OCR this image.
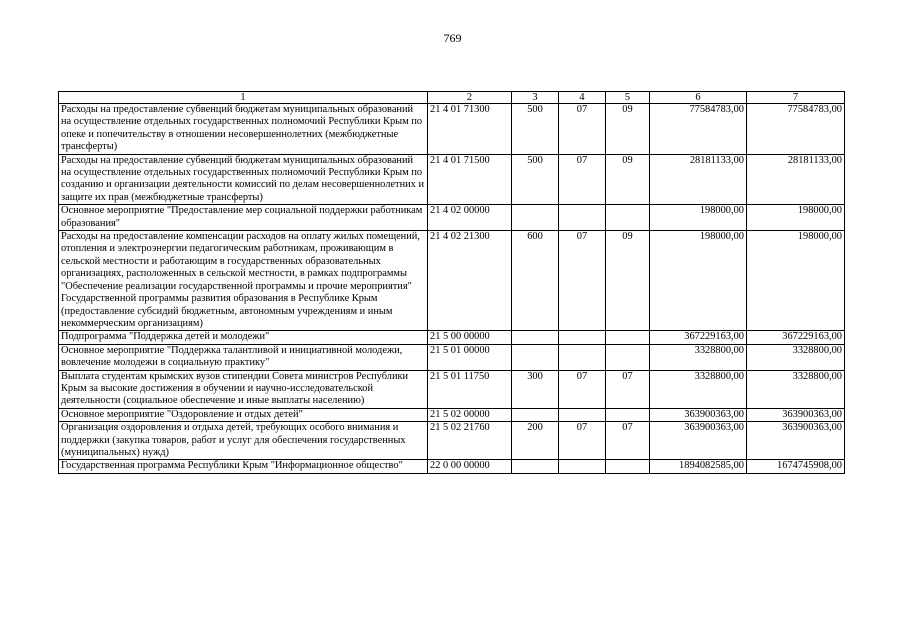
769
1	2	3	4	5	6	7
Расходы на предоставление субвенций бюджетам муниципальных образований на осуществление отдельных государственных полномочий Республики Крым по опеке и попечительству в отношении несовершеннолетних (межбюджетные трансферты)	21 4 01 71300	500	07	09	77584783,00	77584783,00
Расходы на предоставление субвенций бюджетам муниципальных образований на осуществление отдельных государственных полномочий Республики Крым по созданию и организации деятельности комиссий по делам несовершеннолетних и защите их прав (межбюджетные трансферты)	21 4 01 71500	500	07	09	28181133,00	28181133,00
Основное мероприятие "Предоставление мер социальной поддержки работникам образования"	21 4 02 00000				198000,00	198000,00
Расходы на предоставление компенсации расходов на оплату жилых помещений, отопления и электроэнергии педагогическим работникам, проживающим в сельской местности и работающим в государственных образовательных организациях, расположенных в сельской местности, в рамках подпрограммы "Обеспечение реализации государственной программы и прочие мероприятия" Государственной программы развития образования в Республике Крым (предоставление субсидий бюджетным, автономным учреждениям и иным некоммерческим организациям)	21 4 02 21300	600	07	09	198000,00	198000,00
Подпрограмма "Поддержка детей и молодежи"	21 5 00 00000				367229163,00	367229163,00
Основное мероприятие "Поддержка талантливой и инициативной молодежи, вовлечение молодежи в социальную практику"	21 5 01 00000				3328800,00	3328800,00
Выплата студентам крымских вузов стипендии Совета министров Республики Крым за высокие достижения в обучении и научно-исследовательской деятельности (социальное обеспечение и иные выплаты населению)	21 5 01 11750	300	07	07	3328800,00	3328800,00
Основное мероприятие "Оздоровление и отдых детей"	21 5 02 00000				363900363,00	363900363,00
Организация оздоровления и отдыха детей, требующих особого внимания и поддержки (закупка товаров, работ и услуг для обеспечения государственных (муниципальных) нужд)	21 5 02 21760	200	07	07	363900363,00	363900363,00
Государственная программа Республики Крым "Информационное общество"	22 0 00 00000				1894082585,00	1674745908,00
